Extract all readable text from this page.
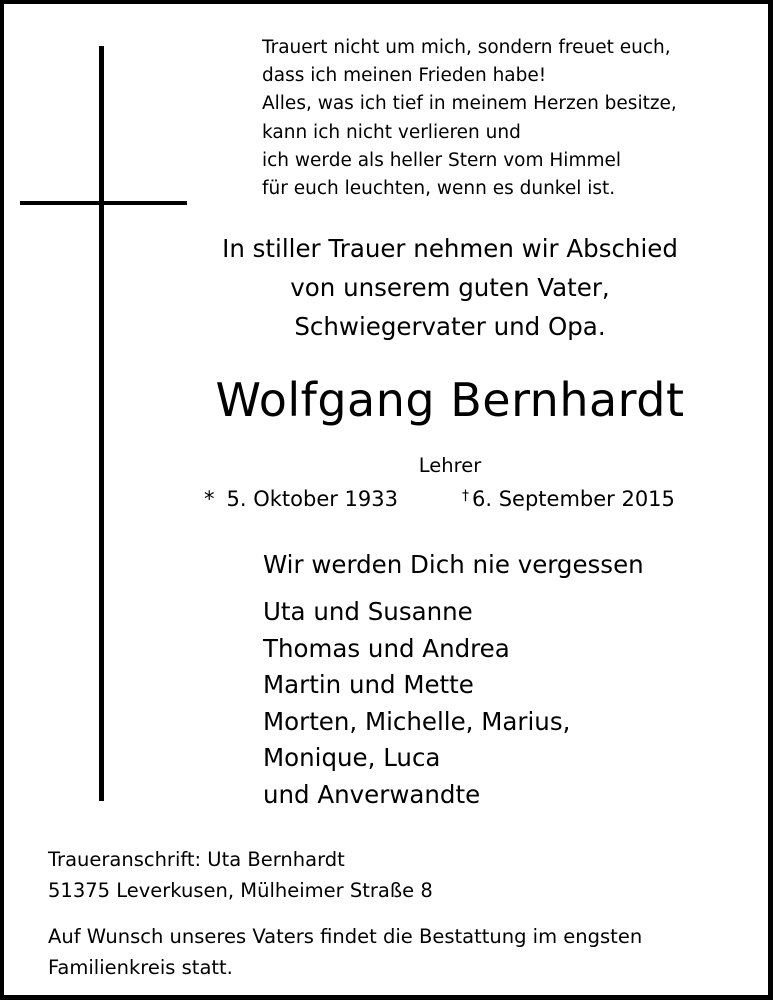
Trauert nicht um mich, sondern freuet euch,
dass ich meinen Frieden habe!
Alles, was ich tief in meinem Herzen besitze,
kann ich nicht verlieren und
ich werde als heller Stern vom Himmel
für euch leuchten, wenn es dunkel ist.
In stiller Trauer nehmen wir Abschied
von unserem guten Vater,
Schwiegervater und Opa.
Wolfgang Bernhardt
Lehrer
* 5. Oktober 1933	† 6. September 2015
Wir werden Dich nie vergessen
Uta und Susanne
Thomas und Andrea
Martin und Mette
Morten, Michelle, Marius,
Monique, Luca
und Anverwandte
Traueranschrift: Uta Bernhardt
51375 Leverkusen, Mülheimer Straße 8
Auf Wunsch unseres Vaters findet die Bestattung im engsten
Familienkreis statt.
